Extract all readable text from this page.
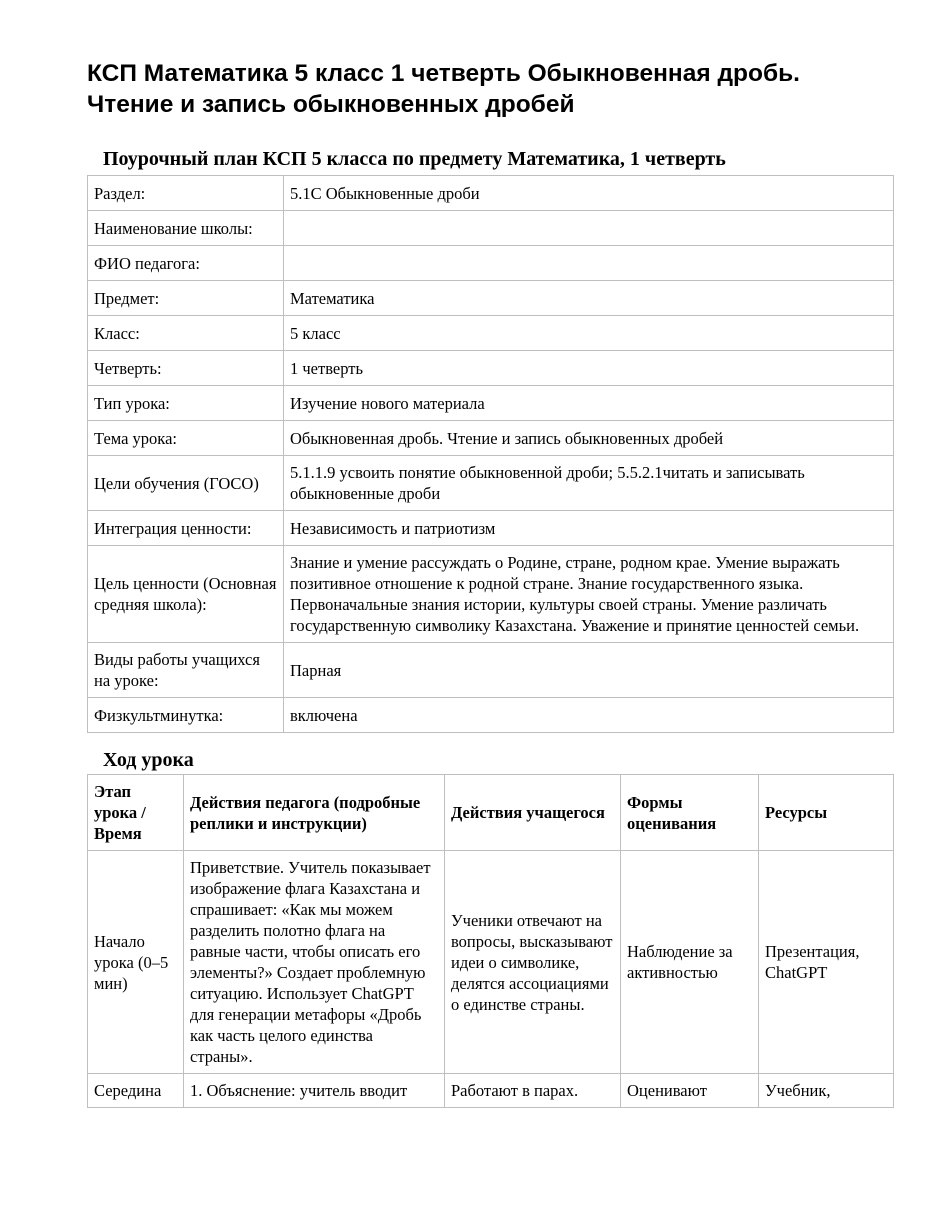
КСП Математика 5 класс 1 четверть Обыкновенная дробь. Чтение и запись обыкновенных дробей
Поурочный план КСП 5 класса по предмету Математика, 1 четверть
Раздел:	5.1С Обыкновенные дроби
Наименование школы:	
ФИО педагога:	
Предмет:	Математика
Класс:	5 класс
Четверть:	1 четверть
Тип урока:	Изучение нового материала
Тема урока:	Обыкновенная дробь. Чтение и запись обыкновенных дробей
Цели обучения (ГОСО)	5.1.1.9 усвоить понятие обыкновенной дроби; 5.5.2.1читать и записывать обыкновенные дроби
Интеграция ценности:	Независимость и патриотизм
Цель ценности (Основная средняя школа):	Знание и умение рассуждать о Родине, стране, родном крае. Умение выражать позитивное отношение к родной стране. Знание государственного языка. Первоначальные знания истории, культуры своей страны. Умение различать государственную символику Казахстана. Уважение и принятие ценностей семьи.
Виды работы учащихся на уроке:	Парная
Физкультминутка:	включена
Ход урока
Этап урока / Время	Действия педагога (подробные реплики и инструкции)	Действия учащегося	Формы оценивания	Ресурсы
Начало урока (0–5 мин)	Приветствие. Учитель показывает изображение флага Казахстана и спрашивает: «Как мы можем разделить полотно флага на равные части, чтобы описать его элементы?» Создает проблемную ситуацию. Использует ChatGPT для генерации метафоры «Дробь как часть целого единства страны».	Ученики отвечают на вопросы, высказывают идеи о символике, делятся ассоциациями о единстве страны.	Наблюдение за активностью	Презентация, ChatGPT
Середина	1. Объяснение: учитель вводит	Работают в парах.	Оценивают	Учебник,
